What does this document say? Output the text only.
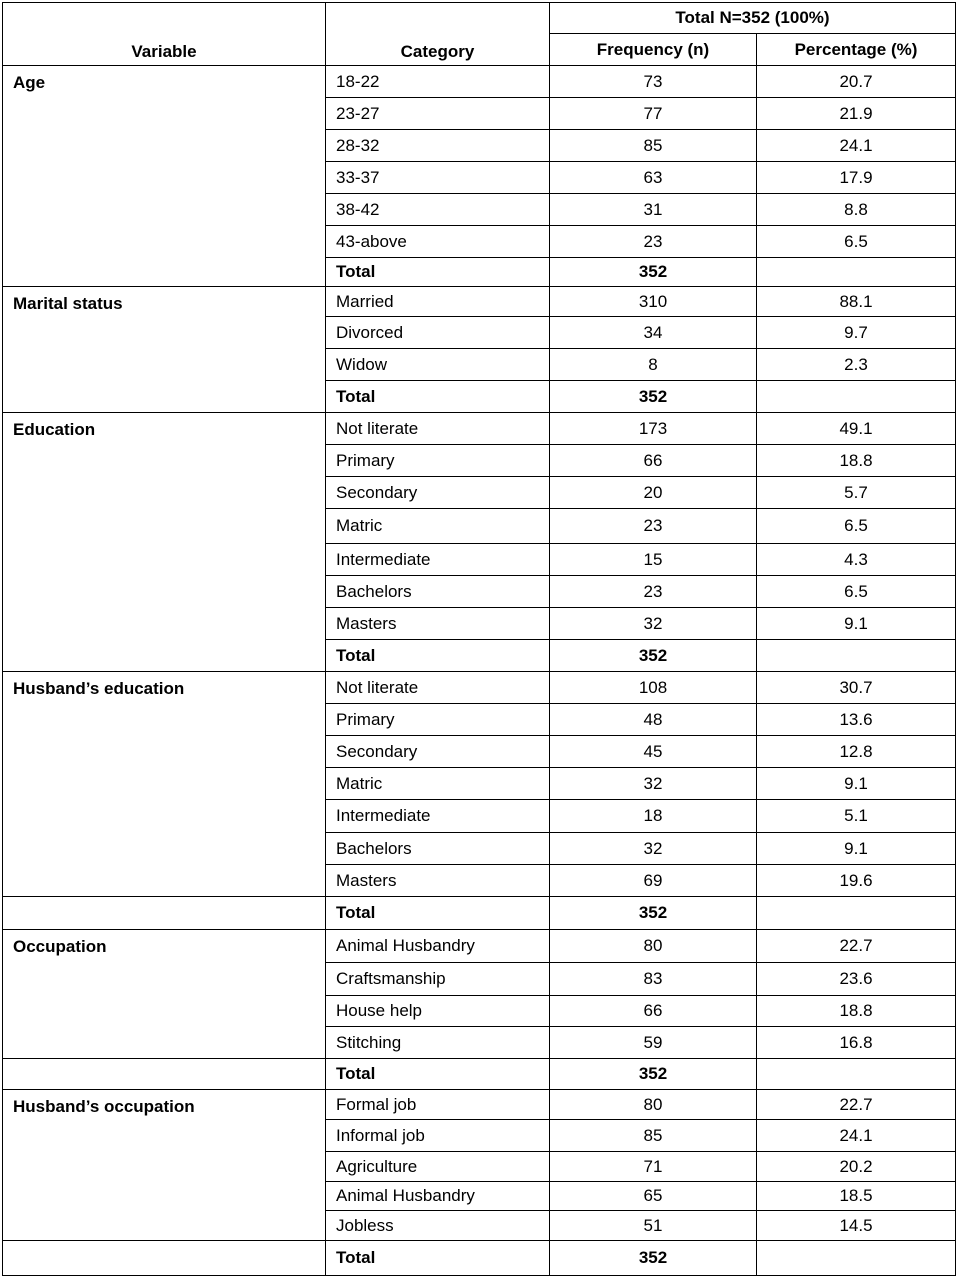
Variable	Category	Total N=352 (100%)	
		Frequency (n)	Percentage (%)
Age	18-22	73	20.7
	23-27	77	21.9
	28-32	85	24.1
	33-37	63	17.9
	38-42	31	8.8
	43-above	23	6.5
	Total	352	
Marital status	Married	310	88.1
	Divorced	34	9.7
	Widow	8	2.3
	Total	352	
Education	Not literate	173	49.1
	Primary	66	18.8
	Secondary	20	5.7
	Matric	23	6.5
	Intermediate	15	4.3
	Bachelors	23	6.5
	Masters	32	9.1
	Total	352	
Husband’s education	Not literate	108	30.7
	Primary	48	13.6
	Secondary	45	12.8
	Matric	32	9.1
	Intermediate	18	5.1
	Bachelors	32	9.1
	Masters	69	19.6
	Total	352	
Occupation	Animal Husbandry	80	22.7
	Craftsmanship	83	23.6
	House help	66	18.8
	Stitching	59	16.8
	Total	352	
Husband’s occupation	Formal job	80	22.7
	Informal job	85	24.1
	Agriculture	71	20.2
	Animal Husbandry	65	18.5
	Jobless	51	14.5
	Total	352	
